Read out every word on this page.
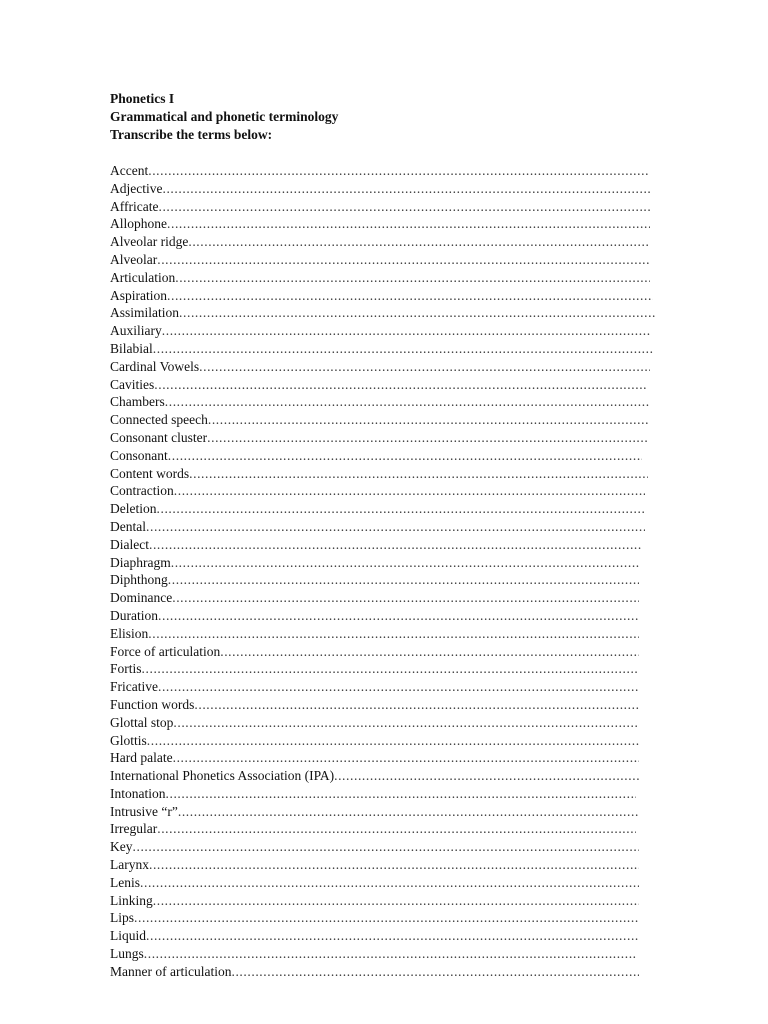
Phonetics I

Grammatical and phonetic terminology

Transcribe the terms below:

Accent
.....
Adjective
.....
Affricate
.....
Allophone
.....
Alveolar ridge
.....
Alveolar
.....
Articulation
.....
Aspiration
.....
Assimilation
.....
Auxiliary
.....
Bilabial
.....
Cardinal Vowels
.....
Cavities
.....
Chambers
.....
Connected speech
.....
Consonant cluster
.....
Consonant
.....
Content words
.....
Contraction
.....
Deletion
.....
Dental
.....
Dialect
.....
Diaphragm
.....
Diphthong
.....
Dominance
.....
Duration
.....
Elision
.....
Force of articulation
.....
Fortis
.....
Fricative
.....
Function words
.....
Glottal stop
.....
Glottis
.....
Hard palate
.....
International Phonetics Association (IPA)
.....
Intonation
.....
Intrusive “r”
.....
Irregular
.....
Key
.....
Larynx
.....
Lenis
.....
Linking
.....
Lips
.....
Liquid
.....
Lungs
.....
Manner of articulation
.....
